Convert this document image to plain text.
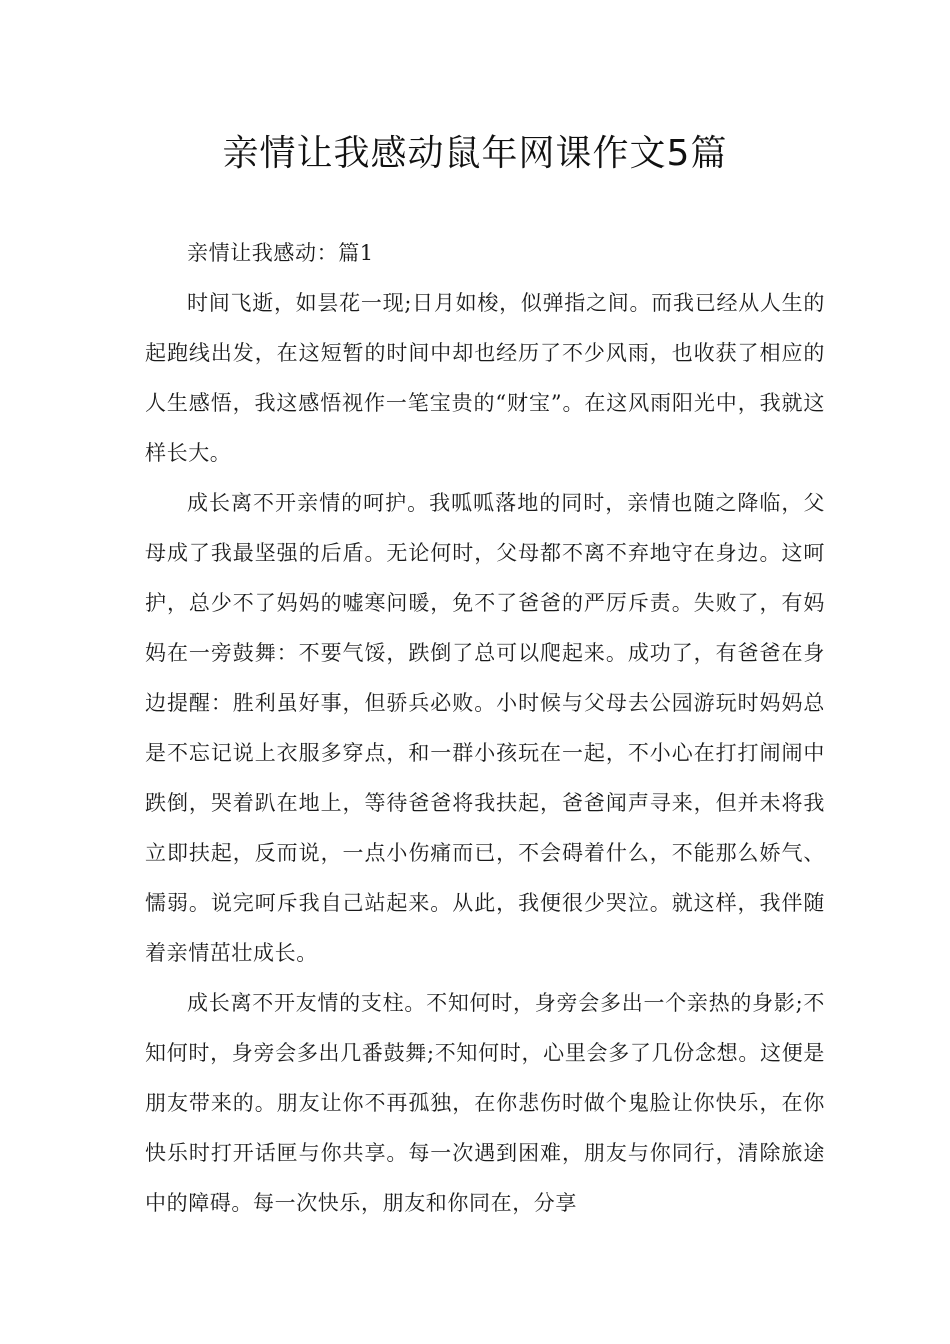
亲情让我感动鼠年网课作文5篇

亲情让我感动：篇1

时间飞逝，如昙花一现;日月如梭，似弹指之间。而我已经从人生的起跑线出发，在这短暂的时间中却也经历了不少风雨，也收获了相应的人生感悟，我这感悟视作一笔宝贵的“财宝”。在这风雨阳光中，我就这样长大。

成长离不开亲情的呵护。我呱呱落地的同时，亲情也随之降临，父母成了我最坚强的后盾。无论何时，父母都不离不弃地守在身边。这呵护，总少不了妈妈的嘘寒问暖，免不了爸爸的严厉斥责。失败了，有妈妈在一旁鼓舞：不要气馁，跌倒了总可以爬起来。成功了，有爸爸在身边提醒：胜利虽好事，但骄兵必败。小时候与父母去公园游玩时妈妈总是不忘记说上衣服多穿点，和一群小孩玩在一起，不小心在打打闹闹中跌倒，哭着趴在地上，等待爸爸将我扶起，爸爸闻声寻来，但并未将我立即扶起，反而说，一点小伤痛而已，不会碍着什么，不能那么娇气、懦弱。说完呵斥我自己站起来。从此，我便很少哭泣。就这样，我伴随着亲情茁壮成长。

成长离不开友情的支柱。不知何时，身旁会多出一个亲热的身影;不知何时，身旁会多出几番鼓舞;不知何时，心里会多了几份念想。这便是朋友带来的。朋友让你不再孤独，在你悲伤时做个鬼脸让你快乐，在你快乐时打开话匣与你共享。每一次遇到困难，朋友与你同行，清除旅途中的障碍。每一次快乐，朋友和你同在，分享
